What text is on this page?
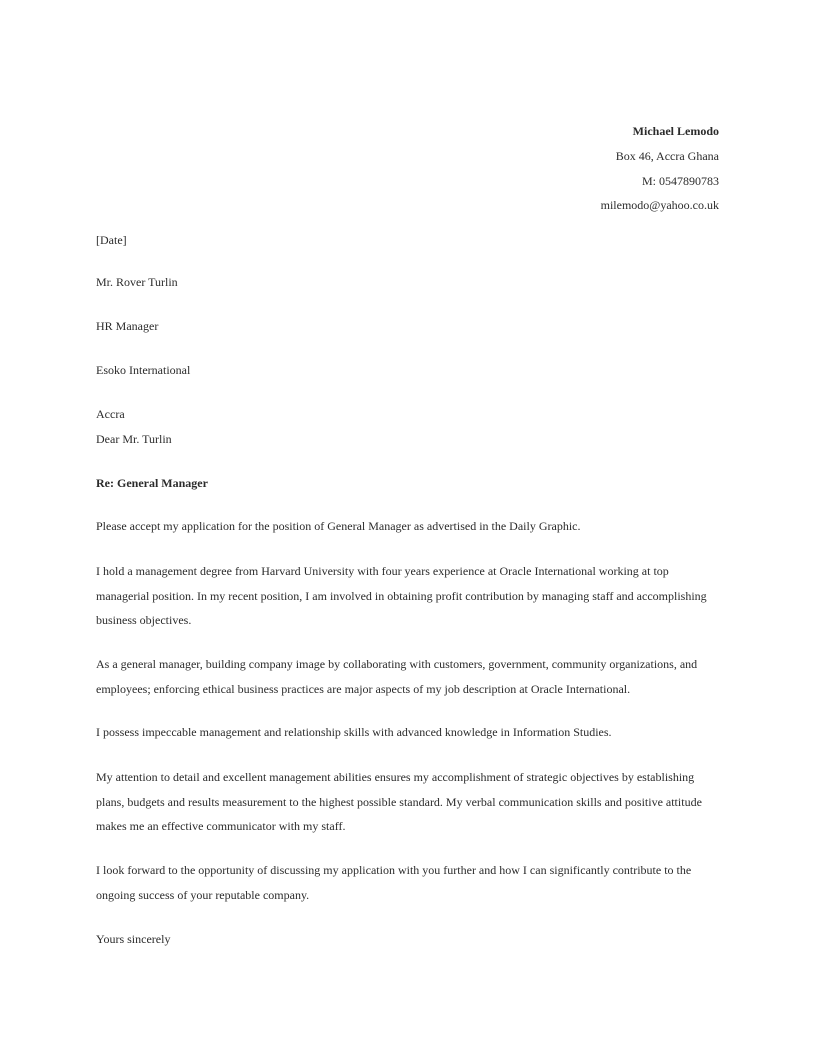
Michael Lemodo
Box 46, Accra Ghana
M: 0547890783
milemodo@yahoo.co.uk
[Date]
Mr. Rover Turlin
HR Manager
Esoko International
Accra
Dear Mr. Turlin
Re: General Manager
Please accept my application for the position of General Manager as advertised in the Daily Graphic.
I hold a management degree from Harvard University with four years experience at Oracle International working at top managerial position. In my recent position, I am involved in obtaining profit contribution by managing staff and accomplishing business objectives.
As a general manager, building company image by collaborating with customers, government, community organizations, and employees; enforcing ethical business practices are major aspects of my job description at Oracle International.
I possess impeccable management and relationship skills with advanced knowledge in Information Studies.
My attention to detail and excellent management abilities ensures my accomplishment of strategic objectives by establishing plans, budgets and results measurement to the highest possible standard. My verbal communication skills and positive attitude makes me an effective communicator with my staff.
I look forward to the opportunity of discussing my application with you further and how I can significantly contribute to the ongoing success of your reputable company.
Yours sincerely
